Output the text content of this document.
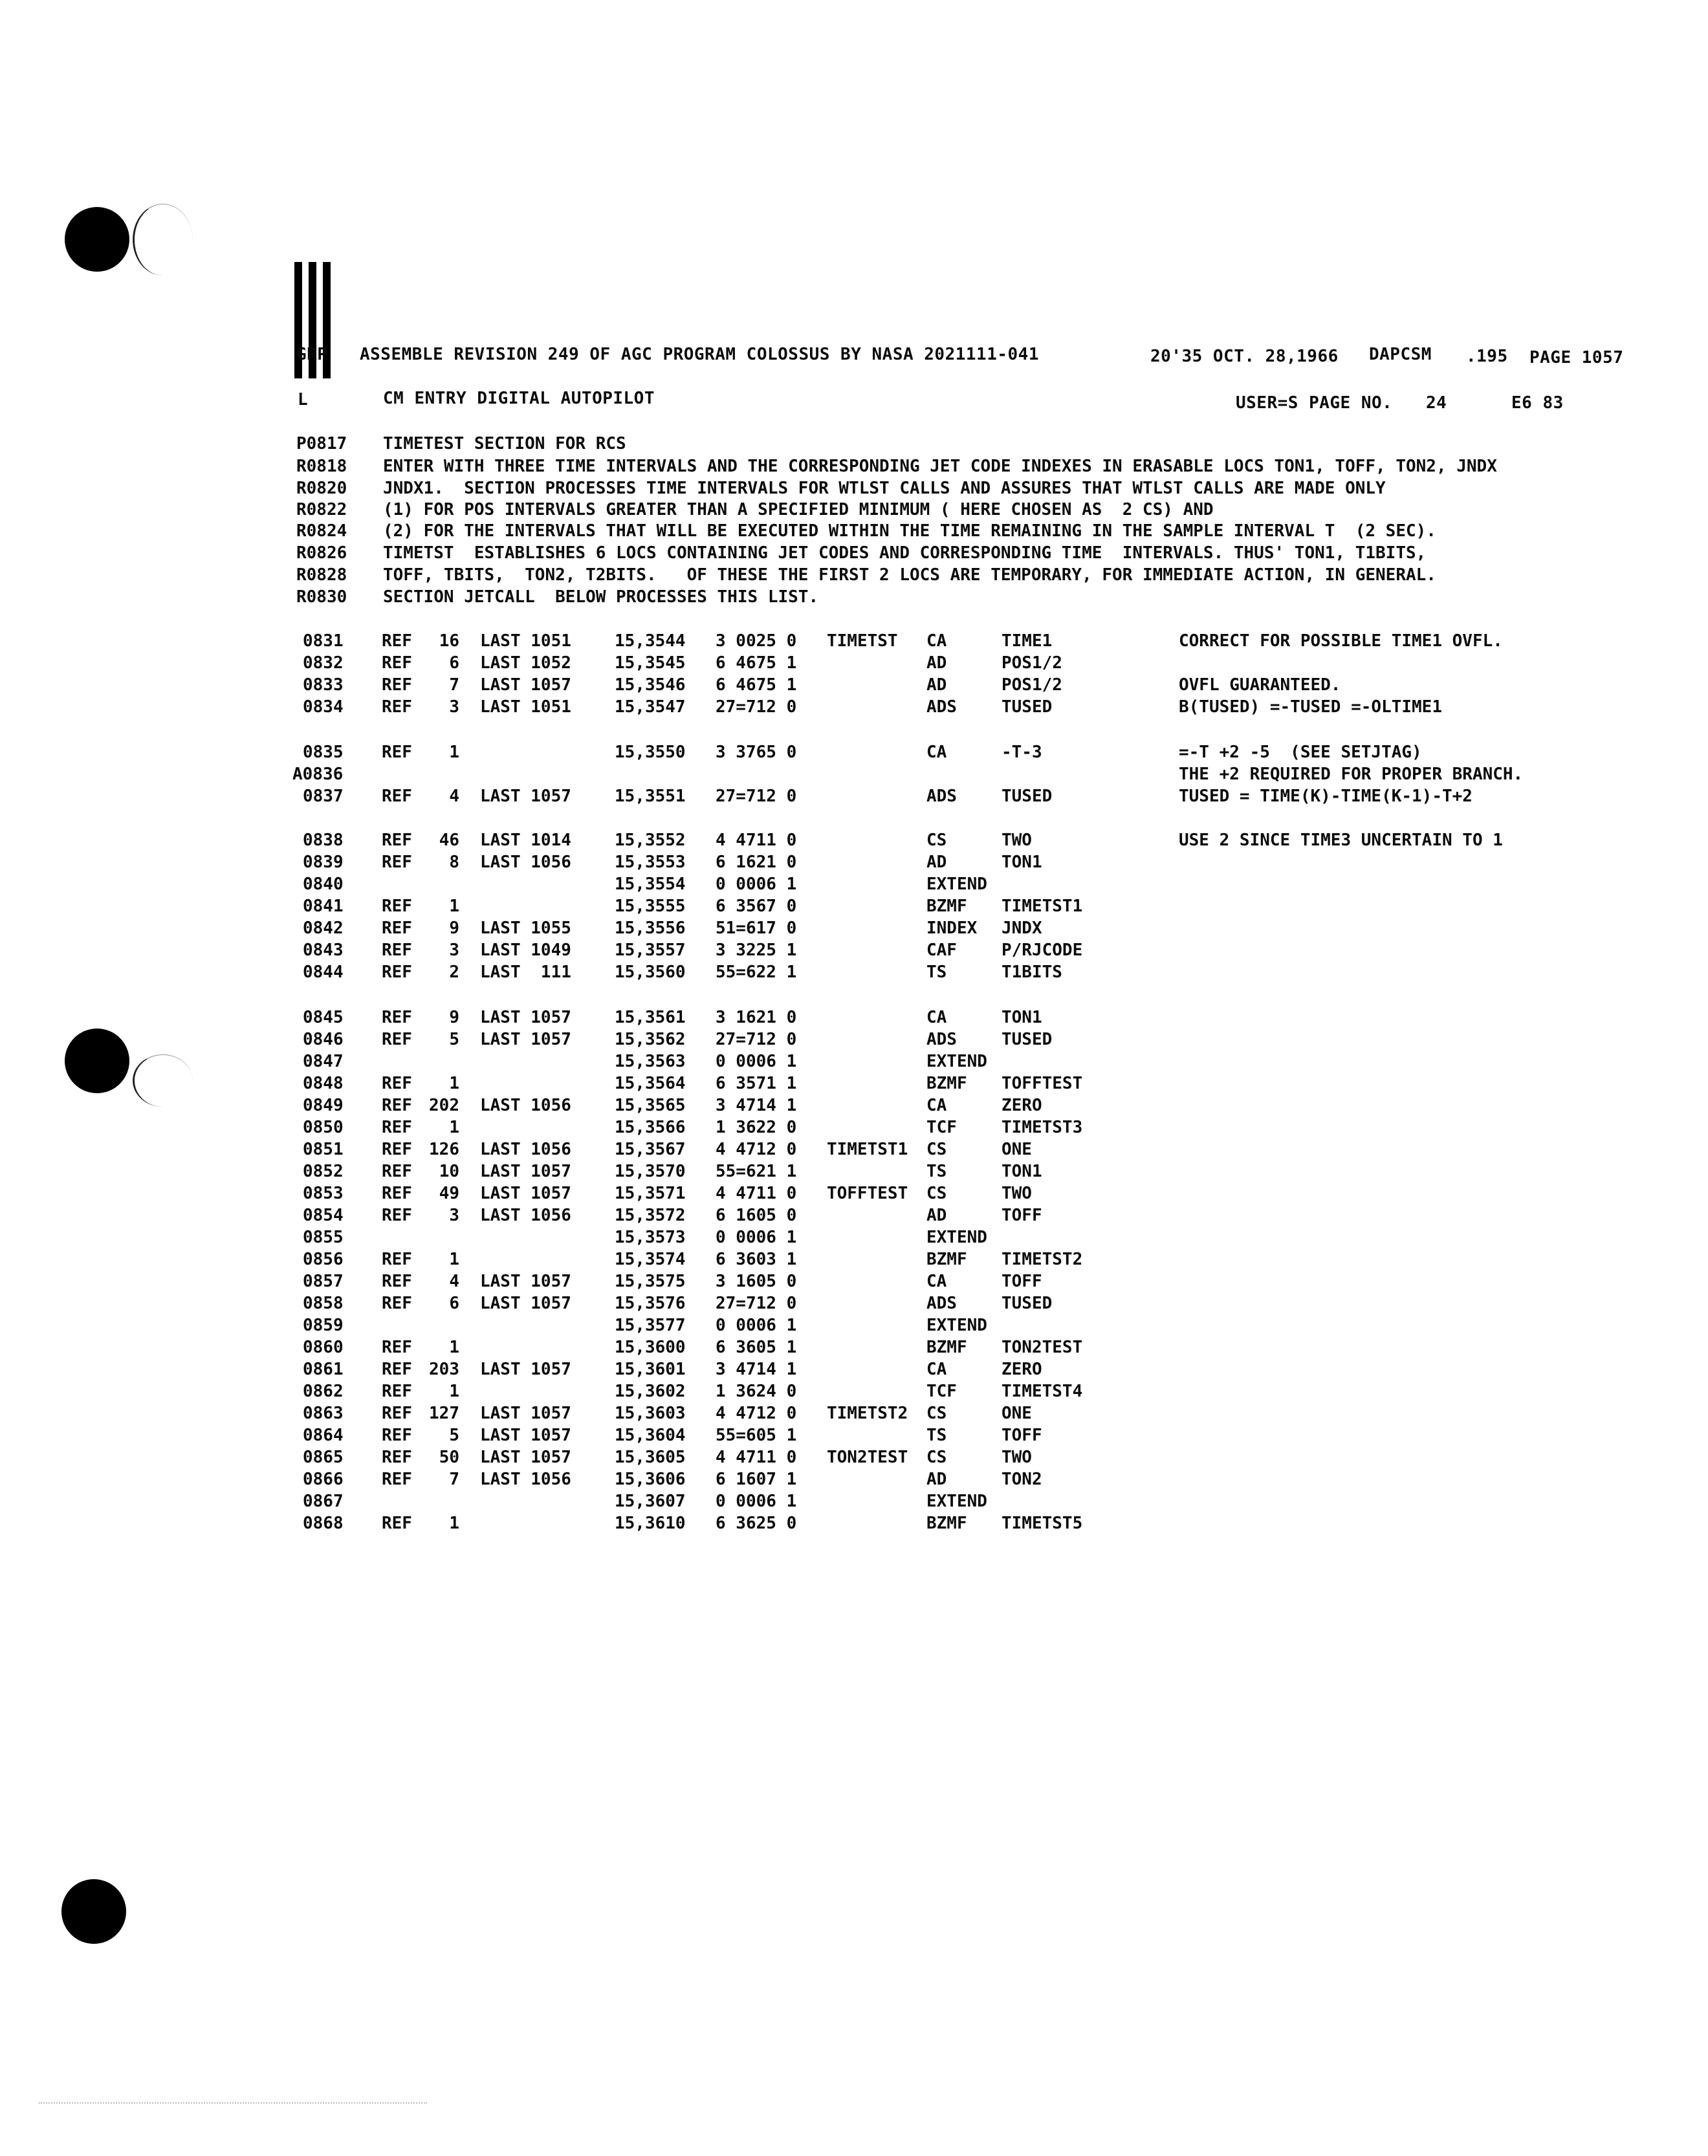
GRP ASSEMBLE REVISION 249 OF AGC PROGRAM COLOSSUS BY NASA 2021111-041	20'35 OCT. 28,1966 DAPCSM .195 PAGE 1057
L	CM ENTRY DIGITAL AUTOPILOT	USER=S PAGE NO. 24	E6 83
P0817 TIMETEST SECTION FOR RCS
R0818 ENTER WITH THREE TIME INTERVALS AND THE CORRESPONDING JET CODE INDEXES IN ERASABLE LOCS TON1, TOFF, TON2, JNDX
R0820 JNDX1.  SECTION PROCESSES TIME INTERVALS FOR WTLST CALLS AND ASSURES THAT WTLST CALLS ARE MADE ONLY
R0822 (1) FOR POS INTERVALS GREATER THAN A SPECIFIED MINIMUM ( HERE CHOSEN AS  2 CS) AND
R0824 (2) FOR THE INTERVALS THAT WILL BE EXECUTED WITHIN THE TIME REMAINING IN THE SAMPLE INTERVAL T  (2 SEC).
R0826 TIMETST  ESTABLISHES 6 LOCS CONTAINING JET CODES AND CORRESPONDING TIME  INTERVALS. THUS' TON1, T1BITS,
R0828 TOFF, TBITS,  TON2, T2BITS.   OF THESE THE FIRST 2 LOCS ARE TEMPORARY, FOR IMMEDIATE ACTION, IN GENERAL.
R0830 SECTION JETCALL  BELOW PROCESSES THIS LIST.
0831 REF	16 LAST 1051	15,3544 3 0025 0 TIMETST CA	TIME1	CORRECT FOR POSSIBLE TIME1 OVFL.
0832 REF	6 LAST 1052	15,3545 6 4675 1	AD	POS1/2
0833 REF	7 LAST 1057	15,3546 6 4675 1	AD	POS1/2	OVFL GUARANTEED.
0834 REF	3 LAST 1051	15,3547 27=712 0	ADS	TUSED	B(TUSED) =-TUSED =-OLTIME1
0835 REF	1	15,3550 3 3765 0	CA	-T-3	=-T +2 -5  (SEE SETJTAG)
A0836	THE +2 REQUIRED FOR PROPER BRANCH.
0837 REF	4 LAST 1057	15,3551 27=712 0	ADS	TUSED	TUSED = TIME(K)-TIME(K-1)-T+2
0838 REF	46 LAST 1014	15,3552 4 4711 0	CS	TWO	USE 2 SINCE TIME3 UNCERTAIN TO 1
0839 REF	8 LAST 1056	15,3553 6 1621 0	AD	TON1
0840	15,3554 0 0006 1	EXTEND
0841 REF	1	15,3555 6 3567 0	BZMF TIMETST1
0842 REF	9 LAST 1055	15,3556 51=617 0	INDEX JNDX
0843 REF	3 LAST 1049	15,3557 3 3225 1	CAF	P/RJCODE
0844 REF	2 LAST  111	15,3560 55=622 1	TS	T1BITS
0845 REF	9 LAST 1057	15,3561 3 1621 0	CA	TON1
0846 REF	5 LAST 1057	15,3562 27=712 0	ADS	TUSED
0847	15,3563 0 0006 1	EXTEND
0848 REF	1	15,3564 6 3571 1	BZMF TOFFTEST
0849 REF	202 LAST 1056	15,3565 3 4714 1	CA	ZERO
0850 REF	1	15,3566 1 3622 0	TCF	TIMETST3
0851 REF	126 LAST 1056	15,3567 4 4712 0 TIMETST1 CS	ONE
0852 REF	10 LAST 1057	15,3570 55=621 1	TS	TON1
0853 REF	49 LAST 1057	15,3571 4 4711 0 TOFFTEST CS	TWO
0854 REF	3 LAST 1056	15,3572 6 1605 0	AD	TOFF
0855	15,3573 0 0006 1	EXTEND
0856 REF	1	15,3574 6 3603 1	BZMF TIMETST2
0857 REF	4 LAST 1057	15,3575 3 1605 0	CA	TOFF
0858 REF	6 LAST 1057	15,3576 27=712 0	ADS	TUSED
0859	15,3577 0 0006 1	EXTEND
0860 REF	1	15,3600 6 3605 1	BZMF TON2TEST
0861 REF	203 LAST 1057	15,3601 3 4714 1	CA	ZERO
0862 REF	1	15,3602 1 3624 0	TCF	TIMETST4
0863 REF	127 LAST 1057	15,3603 4 4712 0 TIMETST2 CS	ONE
0864 REF	5 LAST 1057	15,3604 55=605 1	TS	TOFF
0865 REF	50 LAST 1057	15,3605 4 4711 0 TON2TEST CS	TWO
0866 REF	7 LAST 1056	15,3606 6 1607 1	AD	TON2
0867	15,3607 0 0006 1	EXTEND
0868 REF	1	15,3610 6 3625 0	BZMF TIMETST5
